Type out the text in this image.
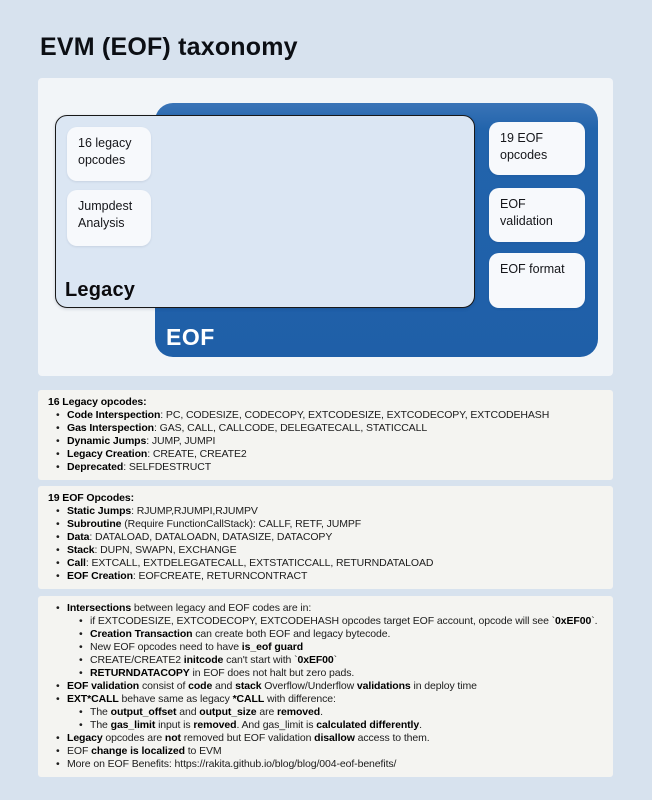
EVM (EOF) taxonomy
EOF
16 legacy opcodes
Jumpdest Analysis
Legacy
19 EOF opcodes
EOF validation
EOF format
16 Legacy opcodes:
• Code Interspection: PC, CODESIZE, CODECOPY, EXTCODESIZE, EXTCODECOPY, EXTCODEHASH
• Gas Interspection: GAS, CALL, CALLCODE, DELEGATECALL, STATICCALL
• Dynamic Jumps: JUMP, JUMPI
• Legacy Creation: CREATE, CREATE2
• Deprecated: SELFDESTRUCT
19 EOF Opcodes:
• Static Jumps: RJUMP,RJUMPI,RJUMPV
• Subroutine (Require FunctionCallStack): CALLF, RETF, JUMPF
• Data: DATALOAD, DATALOADN, DATASIZE, DATACOPY
• Stack: DUPN, SWAPN, EXCHANGE
• Call: EXTCALL, EXTDELEGATECALL, EXTSTATICCALL, RETURNDATALOAD
• EOF Creation: EOFCREATE, RETURNCONTRACT
• Intersections between legacy and EOF codes are in:
• if EXTCODESIZE, EXTCODECOPY, EXTCODEHASH opcodes target EOF account, opcode will see `0xEF00`.
• Creation Transaction can create both EOF and legacy bytecode.
• New EOF opcodes need to have is_eof guard
• CREATE/CREATE2 initcode can't start with `0xEF00`
• RETURNDATACOPY in EOF does not halt but zero pads.
• EOF validation consist of code and stack Overflow/Underflow validations in deploy time
• EXT*CALL behave same as legacy *CALL with difference:
• The output_offset and output_size are removed.
• The gas_limit input is removed. And gas_limit is calculated differently.
• Legacy opcodes are not removed but EOF validation disallow access to them.
• EOF change is localized to EVM
• More on EOF Benefits: https://rakita.github.io/blog/blog/004-eof-benefits/
